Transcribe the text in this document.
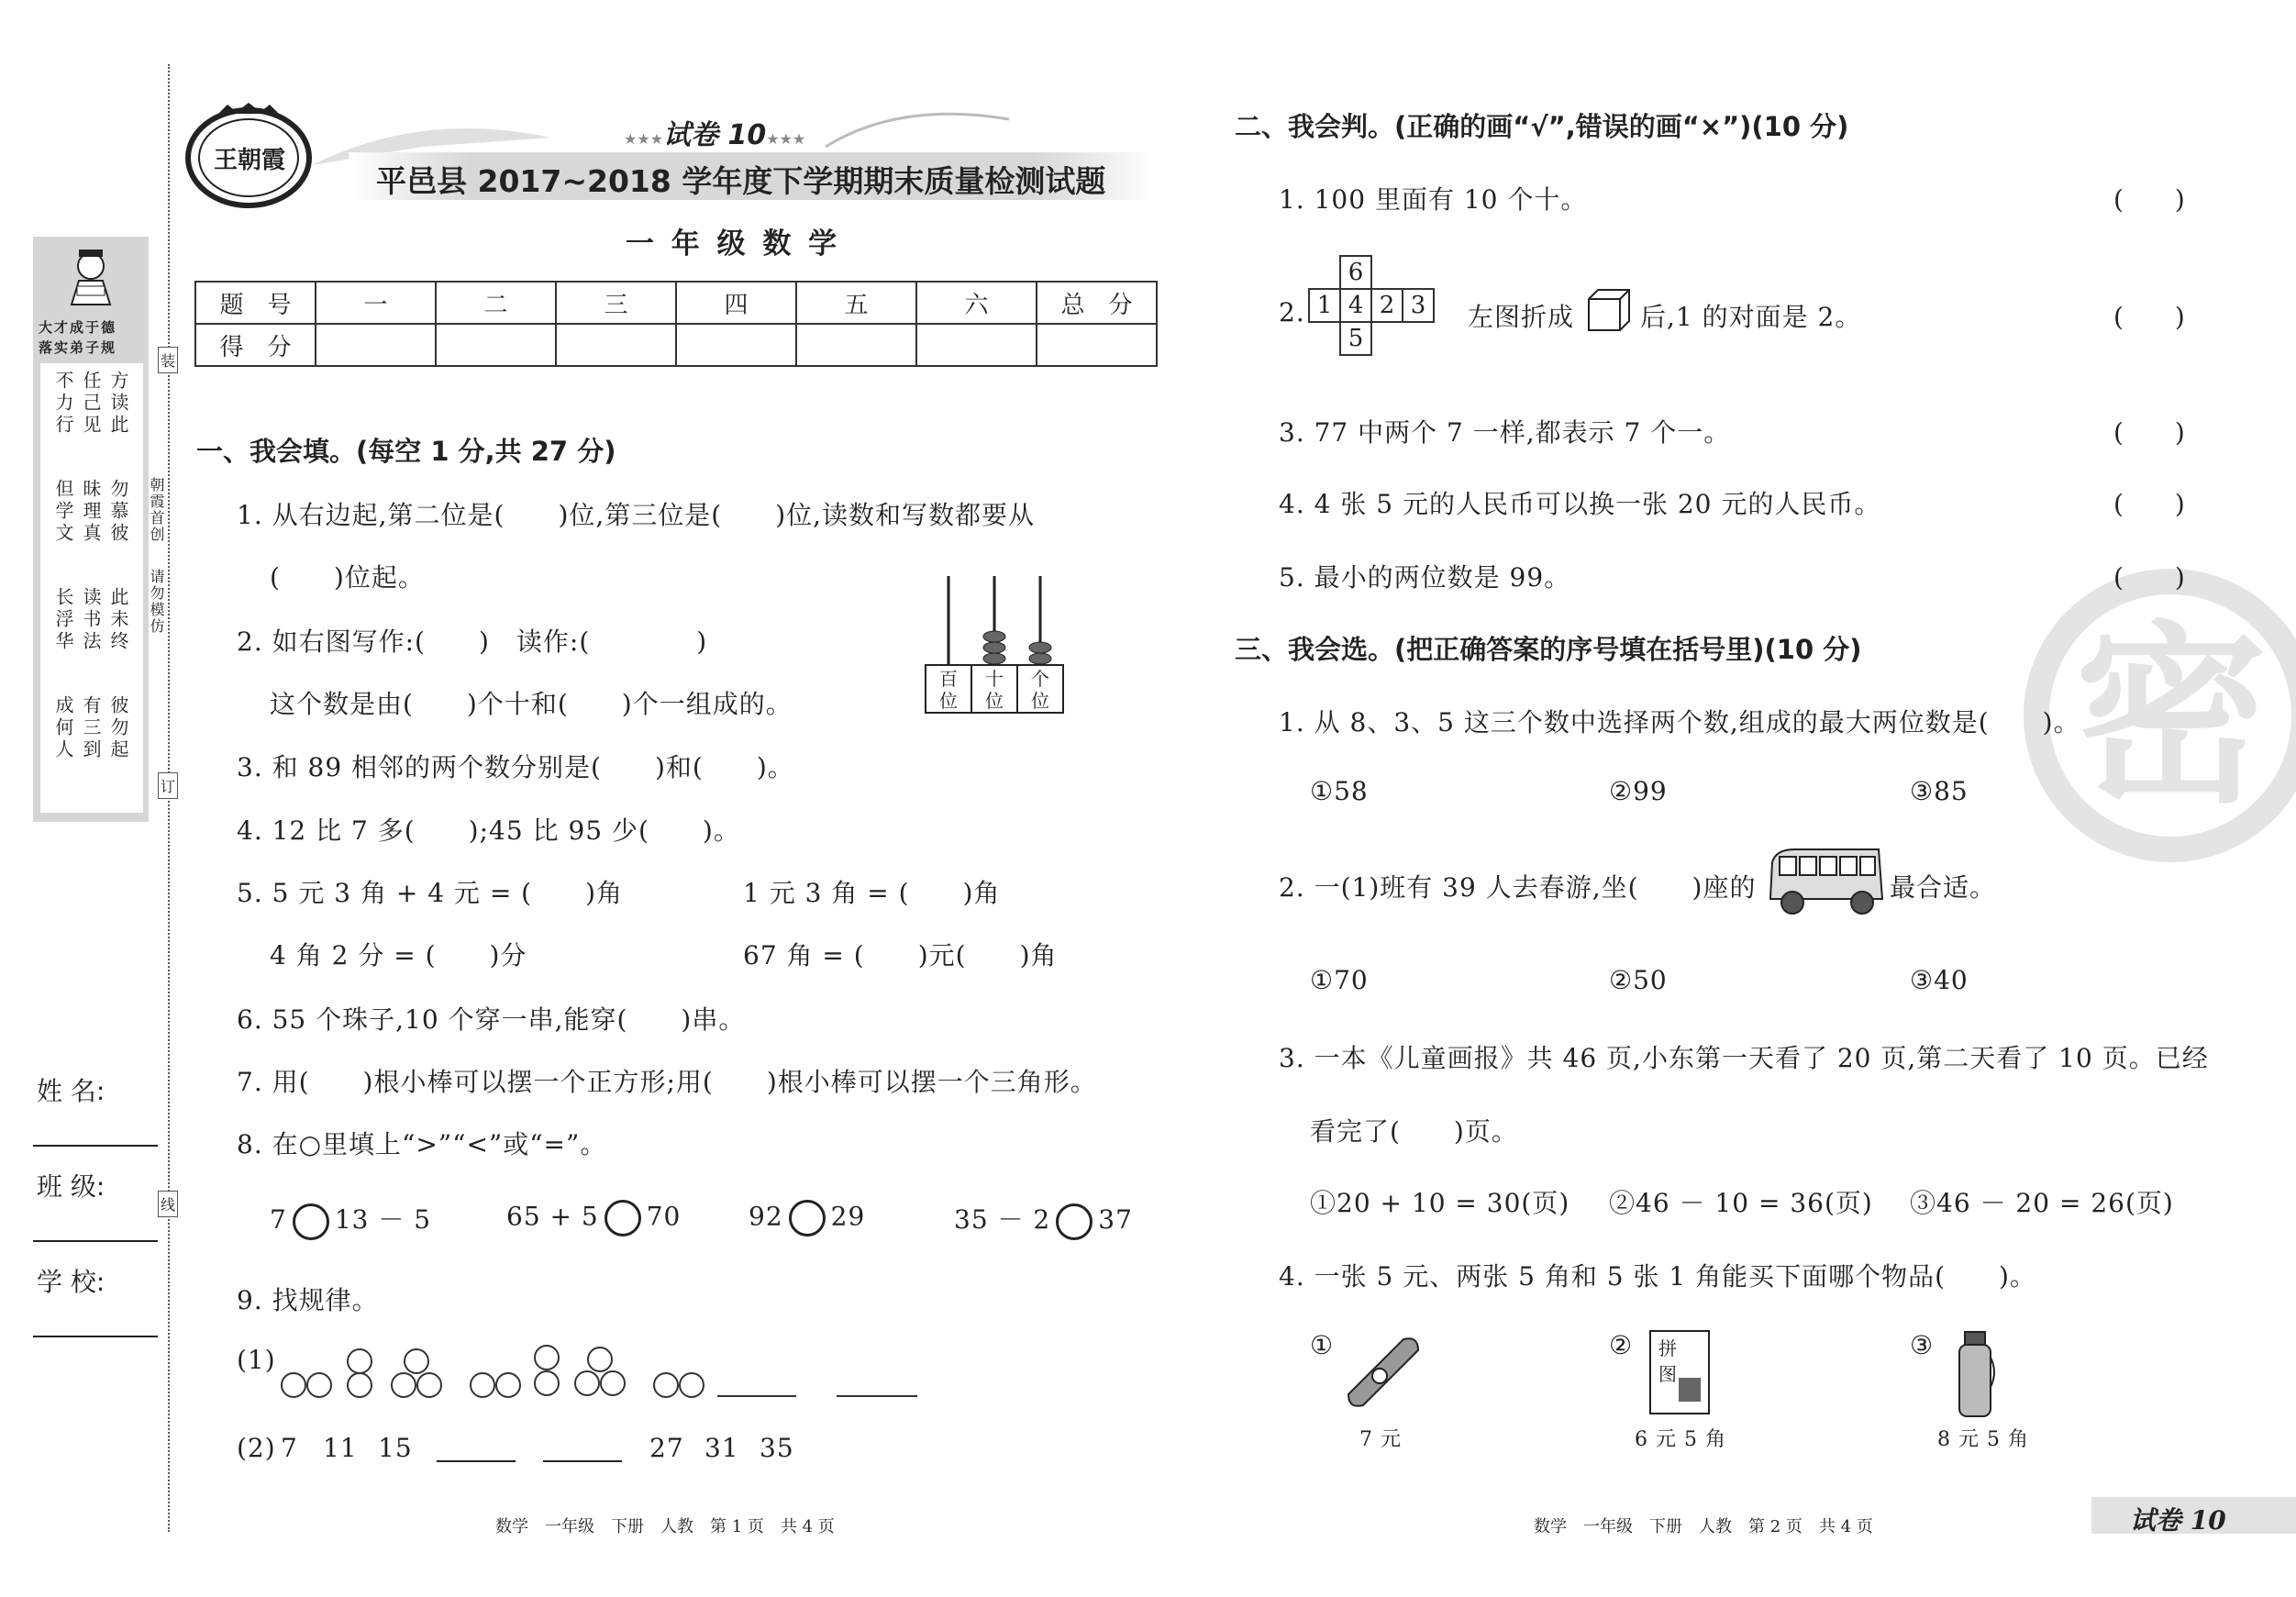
大才成于德
落实弟子规
方读此
任己见
不力行
勿慕彼
昧理真
但学文
此未终
读书法
长浮华
彼勿起
有三到
成何人
姓 名:
班 级:
学 校:
装
订
线
朝霞首创
请勿模仿
王朝霞
★★★试卷 10★★★
平邑县 2017~2018 学年度下学期期末质量检测试题
一 年 级 数 学
题　号	一	二	三	四	五	六	总　分
得　分							
一、我会填。(每空 1 分,共 27 分)
1. 从右边起,第二位是(　　)位,第三位是(　　)位,读数和写数都要从
(　　)位起。
2. 如右图写作:(　　)　读作:(　　　　)
这个数是由(　　)个十和(　　)个一组成的。
百位
十位
个位
3. 和 89 相邻的两个数分别是(　　)和(　　)。
4. 12 比 7 多(　　);45 比 95 少(　　)。
5. 5 元 3 角 + 4 元 = (　　)角	1 元 3 角 = (　　)角
4 角 2 分 = (　　)分	67 角 = (　　)元(　　)角
6. 55 个珠子,10 个穿一串,能穿(　　)串。
7. 用(　　)根小棒可以摆一个正方形;用(　　)根小棒可以摆一个三角形。
8. 在○里填上“>”“<”或“=”。
7 13 － 5	65 + 5 70	92 29	35 － 2 37
9. 找规律。
(1)
(2) 7 11 15	27 31 35
数学　一年级　下册　人教　第 1 页　共 4 页
密
二、我会判。(正确的画“√”,错误的画“×”)(10 分)
1. 100 里面有 10 个十。	(　　)
2.
	6		
1	4	2	3
	5		
左图折成	后,1 的对面是 2。	(　　)
3. 77 中两个 7 一样,都表示 7 个一。	(　　)
4. 4 张 5 元的人民币可以换一张 20 元的人民币。	(　　)
5. 最小的两位数是 99。	(　　)
三、我会选。(把正确答案的序号填在括号里)(10 分)
1. 从 8、3、5 这三个数中选择两个数,组成的最大两位数是(　　)。
①58	②99	③85
2. 一(1)班有 39 人去春游,坐(　　)座的	最合适。
①70	②50	③40
3. 一本《儿童画报》共 46 页,小东第一天看了 20 页,第二天看了 10 页。已经
看完了(　　)页。
①20 + 10 = 30(页) ②46 － 10 = 36(页) ③46 － 20 = 26(页)
4. 一张 5 元、两张 5 角和 5 张 1 角能买下面哪个物品(　　)。
①
7 元
② 拼图
6 元 5 角
③
8 元 5 角
数学　一年级　下册　人教　第 2 页　共 4 页	试卷 10
